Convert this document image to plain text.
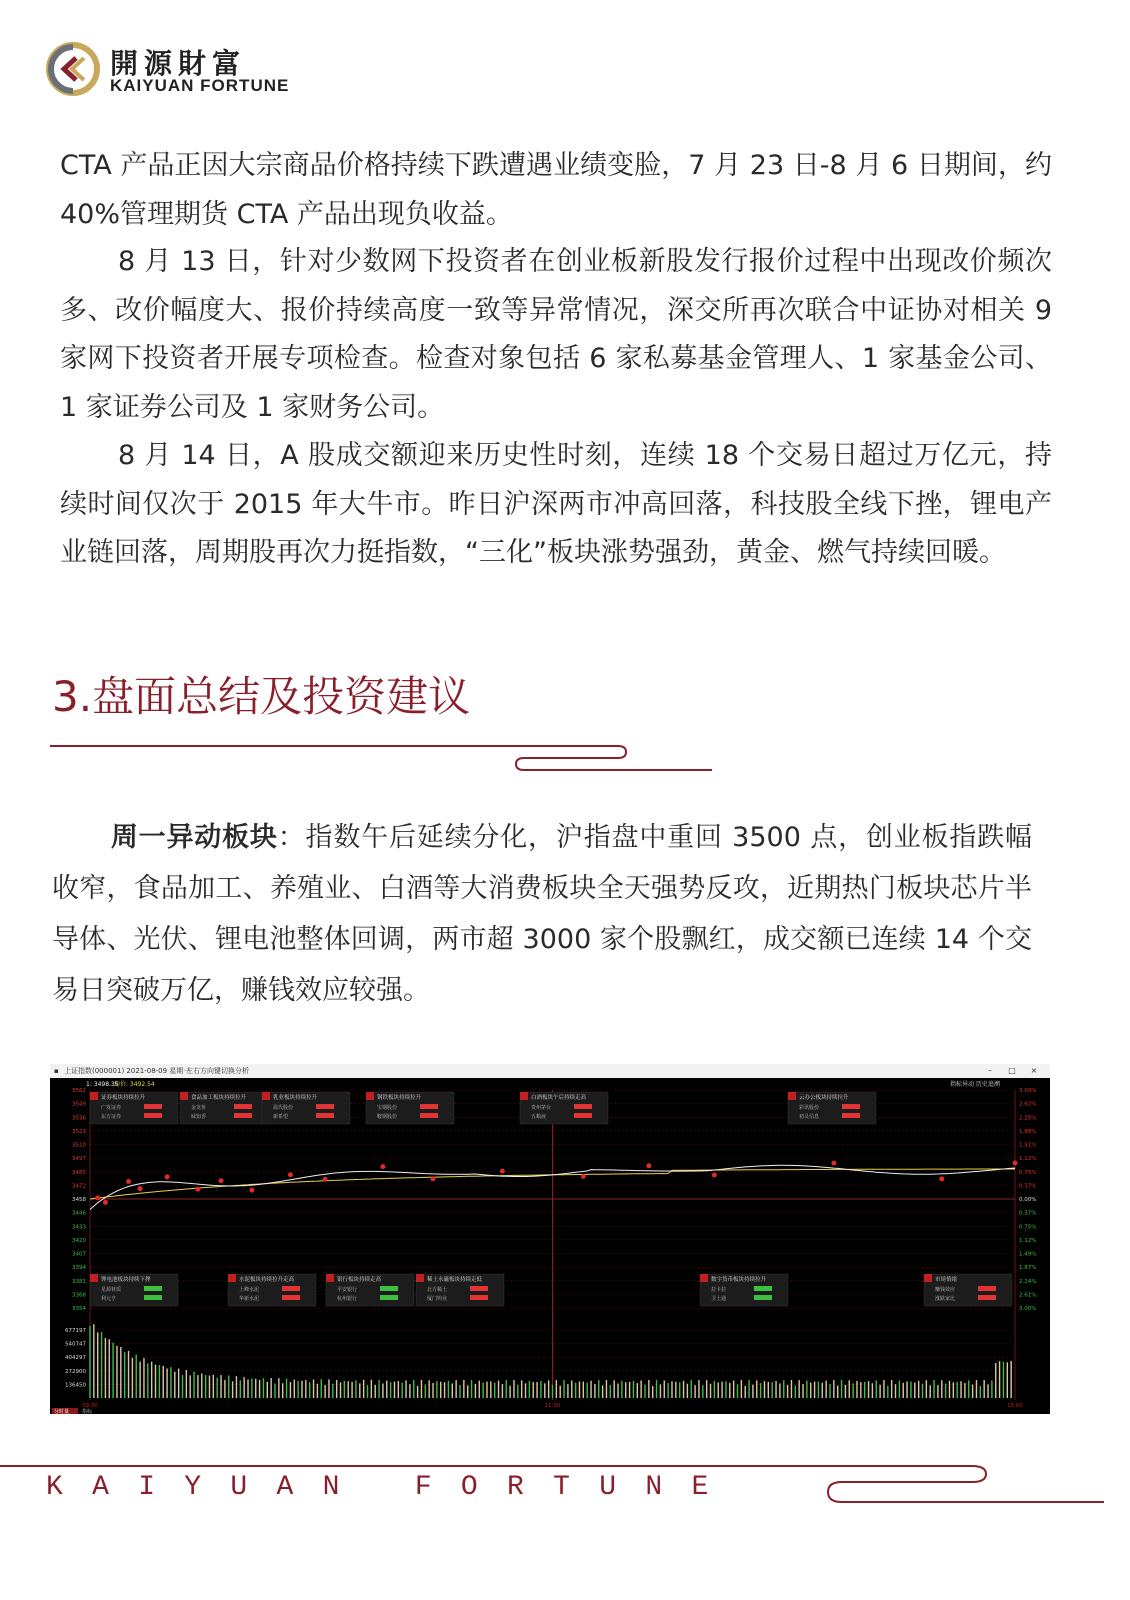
開源財富
KAIYUAN FORTUNE

CTA 产品正因大宗商品价格持续下跌遭遇业绩变脸，7 月 23 日-8 月 6 日期间，约 40%管理期货 CTA 产品出现负收益。

8 月 13 日，针对少数网下投资者在创业板新股发行报价过程中出现改价频次多、改价幅度大、报价持续高度一致等异常情况，深交所再次联合中证协对相关 9 家网下投资者开展专项检查。检查对象包括 6 家私募基金管理人、1 家基金公司、1 家证券公司及 1 家财务公司。

8 月 14 日，A 股成交额迎来历史性时刻，连续 18 个交易日超过万亿元，持续时间仅次于 2015 年大牛市。昨日沪深两市冲高回落，科技股全线下挫，锂电产业链回落，周期股再次力挺指数，“三化”板块涨势强劲，黄金、燃气持续回暖。

3.盘面总结及投资建议

周一异动板块：指数午后延续分化，沪指盘中重回 3500 点，创业板指跌幅收窄，食品加工、养殖业、白酒等大消费板块全天强势反攻，近期热门板块芯片半导体、光伏、锂电池整体回调，两市超 3000 家个股飘红，成交额已连续 14 个交易日突破万亿，赚钱效应较强。

▪ 上证指数(000001) 2021-08-09 星期一
左右方向键切换分析	–	□	×
1: 3498.35
均价: 3492.54	指标异动 历史追溯
3562	3.00%
3549	2.62%
3536	2.25%
3523	1.88%
3510	1.51%
3497	1.12%
3485	0.75%
3472	0.37%
3458	0.00%
3446	0.37%
3433	0.75%
3420	1.12%
3407	1.49%
3394	1.87%
3381	2.24%
3368	2.61%
3354	3.00%
证券板块持续拉升
广发证券
东方证券
食品加工板块持续拉升
金龙鱼
味知香
乳业板块持续拉升
温氏股份
新希望
钢铁板块持续拉升
宝钢股份
鞍钢股份
白酒板块午后持续走高
贵州茅台
五粮液
云办公板块持续拉升
彩讯股份
初灵信息
锂电池板块持续下挫
星源材质
利元亨
水泥板块持续拉升走高
上峰水泥
华新水泥
银行板块持续走高
平安银行
杭州银行
稀土永磁板块持续走低
北方稀土
厦门钨业
数字货币板块持续拉升
拉卡拉
卫士通
市场情绪
赚钱效应
涨跌家比
677197
540747
404297
272900
136450
09:30	11:30	15:00
分时量	指标
KAIYUAN FORTUNE
